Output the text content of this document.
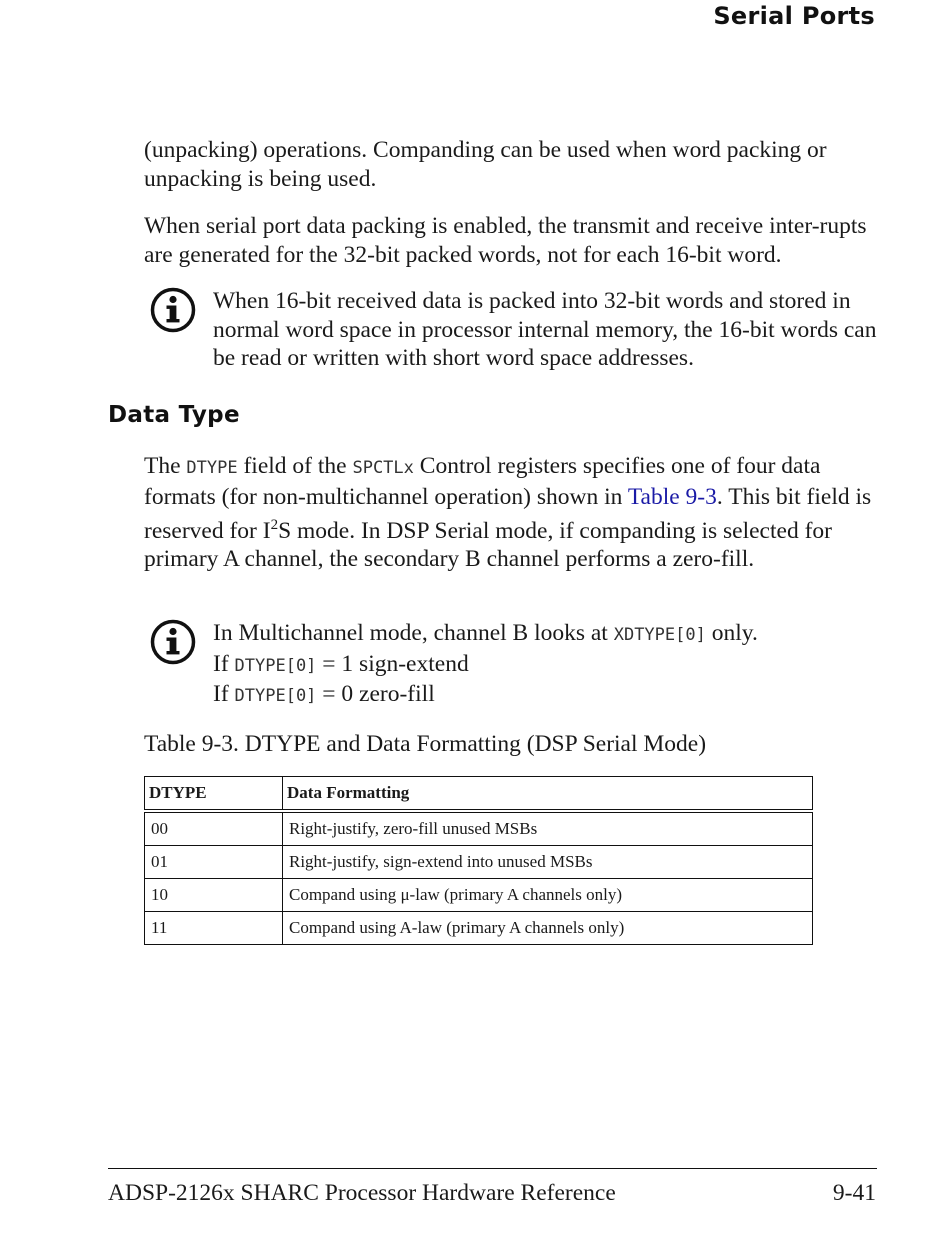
Serial Ports

(unpacking) operations. Companding can be used when word packing or unpacking is being used.

When serial port data packing is enabled, the transmit and receive inter-rupts are generated for the 32-bit packed words, not for each 16-bit word.

When 16-bit received data is packed into 32-bit words and stored in normal word space in processor internal memory, the 16-bit words can be read or written with short word space addresses.

Data Type

The DTYPE field of the SPCTLx Control registers specifies one of four data formats (for non-multichannel operation) shown in Table 9-3. This bit field is reserved for $I^2S$ mode. In DSP Serial mode, if companding is selected for primary A channel, the secondary B channel performs a zero-fill.

In Multichannel mode, channel B looks at XDTYPE[0] only.
If DTYPE[0] = 1 sign-extend
If DTYPE[0] = 0 zero-fill

Table 9-3. DTYPE and Data Formatting (DSP Serial Mode)

DTYPE	Data Formatting
00	Right-justify, zero-fill unused MSBs
01	Right-justify, sign-extend into unused MSBs
10	Compand using μ-law (primary A channels only)
11	Compand using A-law (primary A channels only)

ADSP-2126x SHARC Processor Hardware Reference	9-41
